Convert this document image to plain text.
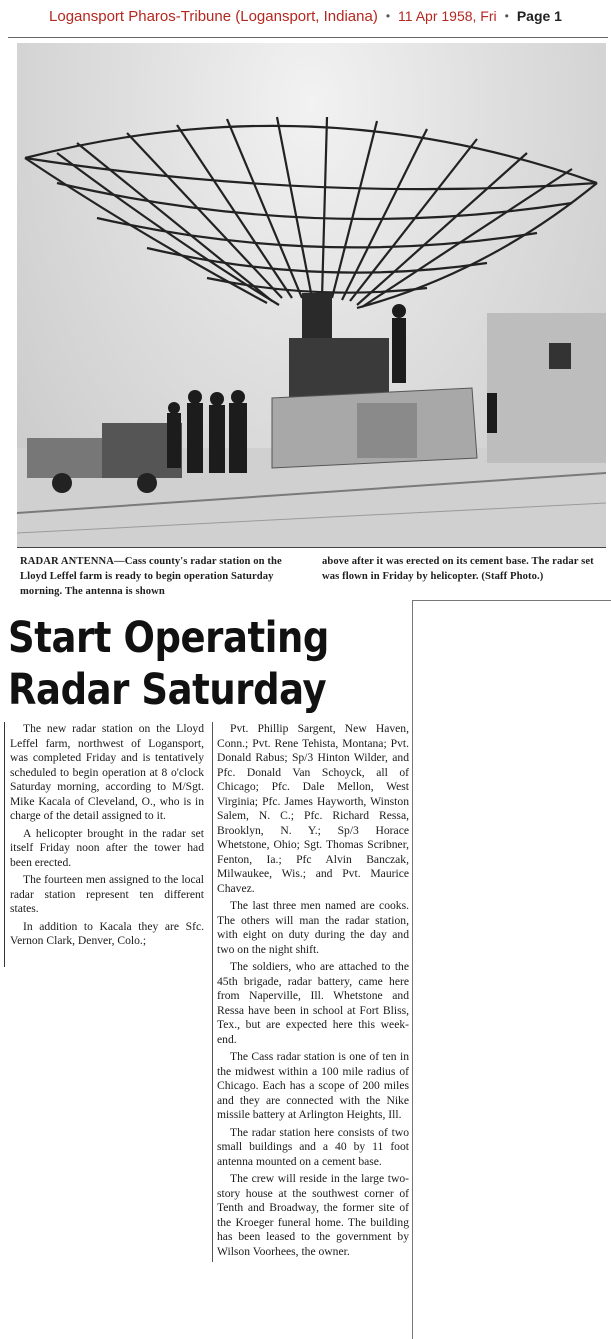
Logansport Pharos-Tribune (Logansport, Indiana) • 11 Apr 1958, Fri • Page 1
RADAR ANTENNA—Cass county's radar station on the Lloyd Leffel farm is ready to begin operation Saturday morning. The antenna is shown
above after it was erected on its cement base. The radar set was flown in Friday by helicopter. (Staff Photo.)
Start Operating
Radar Saturday

The new radar station on the Lloyd Leffel farm, northwest of Logansport, was completed Friday and is tentatively scheduled to begin operation at 8 o'clock Saturday morning, according to M/Sgt. Mike Kacala of Cleveland, O., who is in charge of the detail assigned to it.

A helicopter brought in the radar set itself Friday noon after the tower had been erected.

The fourteen men assigned to the local radar station represent ten different states.

In addition to Kacala they are Sfc. Vernon Clark, Denver, Colo.;

Pvt. Phillip Sargent, New Haven, Conn.; Pvt. Rene Tehista, Montana; Pvt. Donald Rabus; Sp/3 Hinton Wilder, and Pfc. Donald Van Schoyck, all of Chicago; Pfc. Dale Mellon, West Virginia; Pfc. James Hayworth, Winston Salem, N. C.; Pfc. Richard Ressa, Brooklyn, N. Y.; Sp/3 Horace Whetstone, Ohio; Sgt. Thomas Scribner, Fenton, Ia.; Pfc Alvin Banczak, Milwaukee, Wis.; and Pvt. Maurice Chavez.

The last three men named are cooks. The others will man the radar station, with eight on duty during the day and two on the night shift.

The soldiers, who are attached to the 45th brigade, radar battery, came here from Naperville, Ill. Whetstone and Ressa have been in school at Fort Bliss, Tex., but are expected here this week-end.

The Cass radar station is one of ten in the midwest within a 100 mile radius of Chicago. Each has a scope of 200 miles and they are connected with the Nike missile battery at Arlington Heights, Ill.

The radar station here consists of two small buildings and a 40 by 11 foot antenna mounted on a cement base.

The crew will reside in the large two-story house at the southwest corner of Tenth and Broadway, the former site of the Kroeger funeral home. The building has been leased to the government by Wilson Voorhees, the owner.
